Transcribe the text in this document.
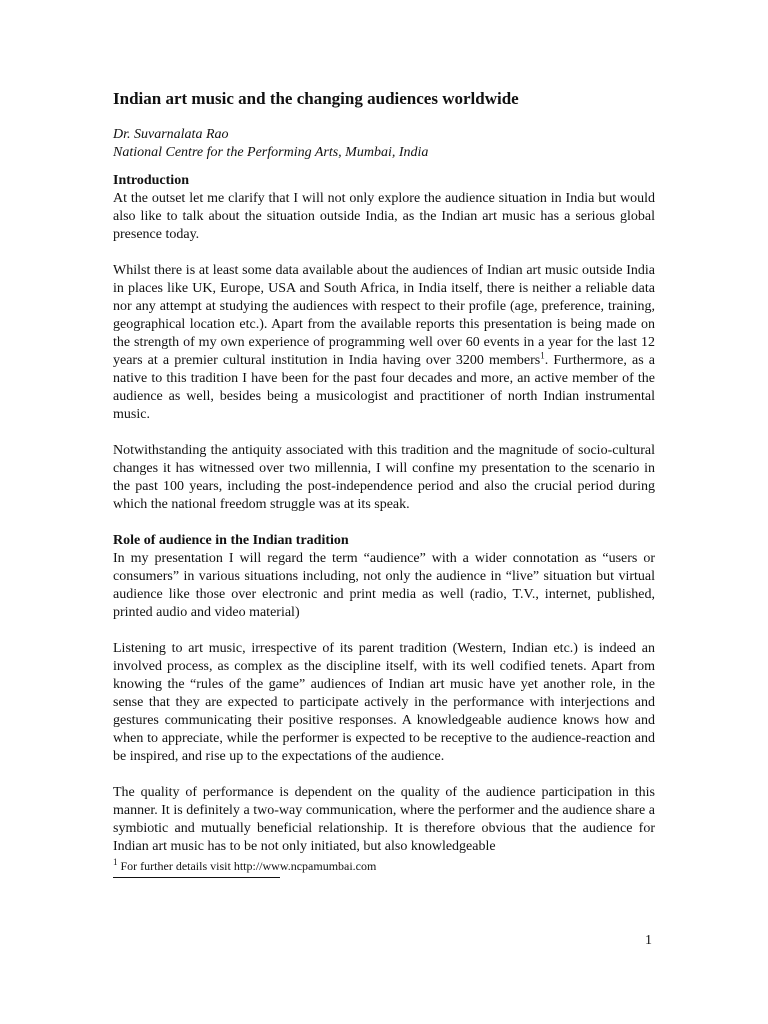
Indian art music and the changing audiences worldwide
Dr. Suvarnalata Rao
National Centre for the Performing Arts, Mumbai, India
Introduction

At the outset let me clarify that I will not only explore the audience situation in India but would also like to talk about the situation outside India, as the Indian art music has a serious global presence today.

Whilst there is at least some data available about the audiences of Indian art music outside India in places like UK, Europe, USA and South Africa, in India itself, there is neither a reliable data nor any attempt at studying the audiences with respect to their profile (age, preference, training, geographical location etc.). Apart from the available reports this presentation is being made on the strength of my own experience of programming well over 60 events in a year for the last 12 years at a premier cultural institution in India having over 3200 members$^1$. Furthermore, as a native to this tradition I have been for the past four decades and more, an active member of the audience as well, besides being a musicologist and practitioner of north Indian instrumental music.

Notwithstanding the antiquity associated with this tradition and the magnitude of socio-cultural changes it has witnessed over two millennia, I will confine my presentation to the scenario in the past 100 years, including the post-independence period and also the crucial period during which the national freedom struggle was at its speak.

Role of audience in the Indian tradition

In my presentation I will regard the term “audience” with a wider connotation as “users or consumers” in various situations including, not only the audience in “live” situation but virtual audience like those over electronic and print media as well (radio, T.V., internet, published, printed audio and video material)

Listening to art music, irrespective of its parent tradition (Western, Indian etc.) is indeed an involved process, as complex as the discipline itself, with its well codified tenets. Apart from knowing the “rules of the game” audiences of Indian art music have yet another role, in the sense that they are expected to participate actively in the performance with interjections and gestures communicating their positive responses. A knowledgeable audience knows how and when to appreciate, while the performer is expected to be receptive to the audience-reaction and be inspired, and rise up to the expectations of the audience.

The quality of performance is dependent on the quality of the audience participation in this manner. It is definitely a two-way communication, where the performer and the audience share a symbiotic and mutually beneficial relationship. It is therefore obvious that the audience for Indian art music has to be not only initiated, but also knowledgeable

$^1$ For further details visit http://www.ncpamumbai.com
1
